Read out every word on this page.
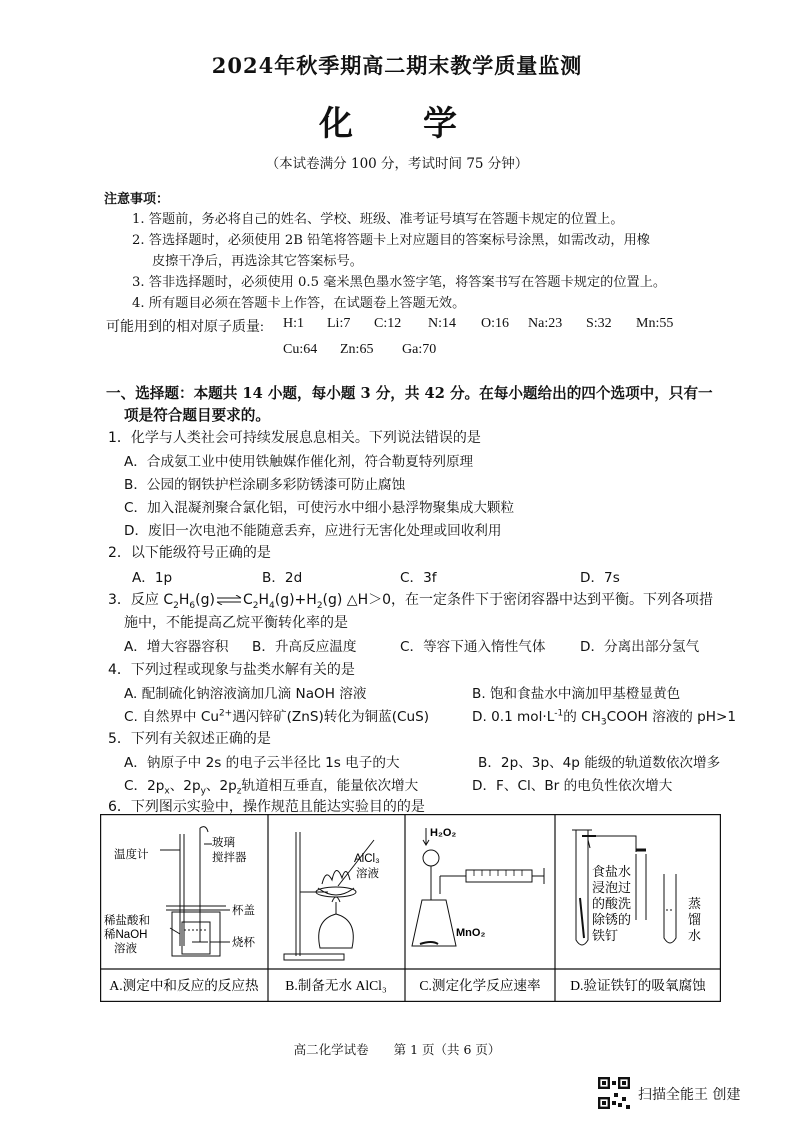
2024年秋季期高二期末教学质量监测
化　学
（本试卷满分 100 分，考试时间 75 分钟）
注意事项：
1. 答题前，务必将自己的姓名、学校、班级、准考证号填写在答题卡规定的位置上。
2. 答选择题时，必须使用 2B 铅笔将答题卡上对应题目的答案标号涂黑，如需改动，用橡
皮擦干净后，再选涂其它答案标号。
3. 答非选择题时，必须使用 0.5 毫米黑色墨水签字笔，将答案书写在答题卡规定的位置上。
4. 所有题目必须在答题卡上作答，在试题卷上答题无效。
可能用到的相对原子质量: H:1 Li:7 C:12 N:14 O:16 Na:23 S:32 Mn:55
Cu:64 Zn:65 Ga:70
一、选择题：本题共 14 小题，每小题 3 分，共 42 分。在每小题给出的四个选项中，只有一
项是符合题目要求的。
1．化学与人类社会可持续发展息息相关。下列说法错误的是
A．合成氨工业中使用铁触媒作催化剂，符合勒夏特列原理
B．公园的钢铁护栏涂刷多彩防锈漆可防止腐蚀
C．加入混凝剂聚合氯化铝，可使污水中细小悬浮物聚集成大颗粒
D．废旧一次电池不能随意丢弃，应进行无害化处理或回收利用
2．以下能级符号正确的是
A．1p	B．2d	C．3f	D．7s
3．反应 $C_2H_6(g)\rightleftharpoons C_2H_4(g)+H_2(g)$ △H＞0，在一定条件下于密闭容器中达到平衡。下列各项措
施中，不能提高乙烷平衡转化率的是
A．增大容器容积 B．升高反应温度	C．等容下通入惰性气体	D．分离出部分氢气
4．下列过程或现象与盐类水解有关的是
A. 配制硫化钠溶液滴加几滴 NaOH 溶液	B. 饱和食盐水中滴加甲基橙显黄色
C. 自然界中 $Cu^{2+}$遇闪锌矿(ZnS)转化为铜蓝(CuS)	D. 0.1 $mol\cdot L^{-1}$的 $CH_3COOH$ 溶液的 pH>1
5．下列有关叙述正确的是
A．钠原子中 2s 的电子云半径比 1s 电子的大	B．2p、3p、4p 能级的轨道数依次增多
C．$2p_x$、$2p_y$、$2p_z$轨道相互垂直，能量依次增大	D．F、Cl、Br 的电负性依次增大
6．下列图示实验中，操作规范且能达实验目的的是
温度计
玻璃
搅拌器
杯盖
稀盐酸和
稀NaOH
溶液	烧杯
A.测定中和反应的反应热
AlCl₃
溶液
B.制备无水 AlCl₃
H₂O₂
MnO₂
C.测定化学反应速率
食盐水
浸泡过
的酸洗
除锈的
铁钉
蒸
馏
水
D.验证铁钉的吸氧腐蚀
高二化学试卷　　第 1 页（共 6 页）
扫描全能王 创建
